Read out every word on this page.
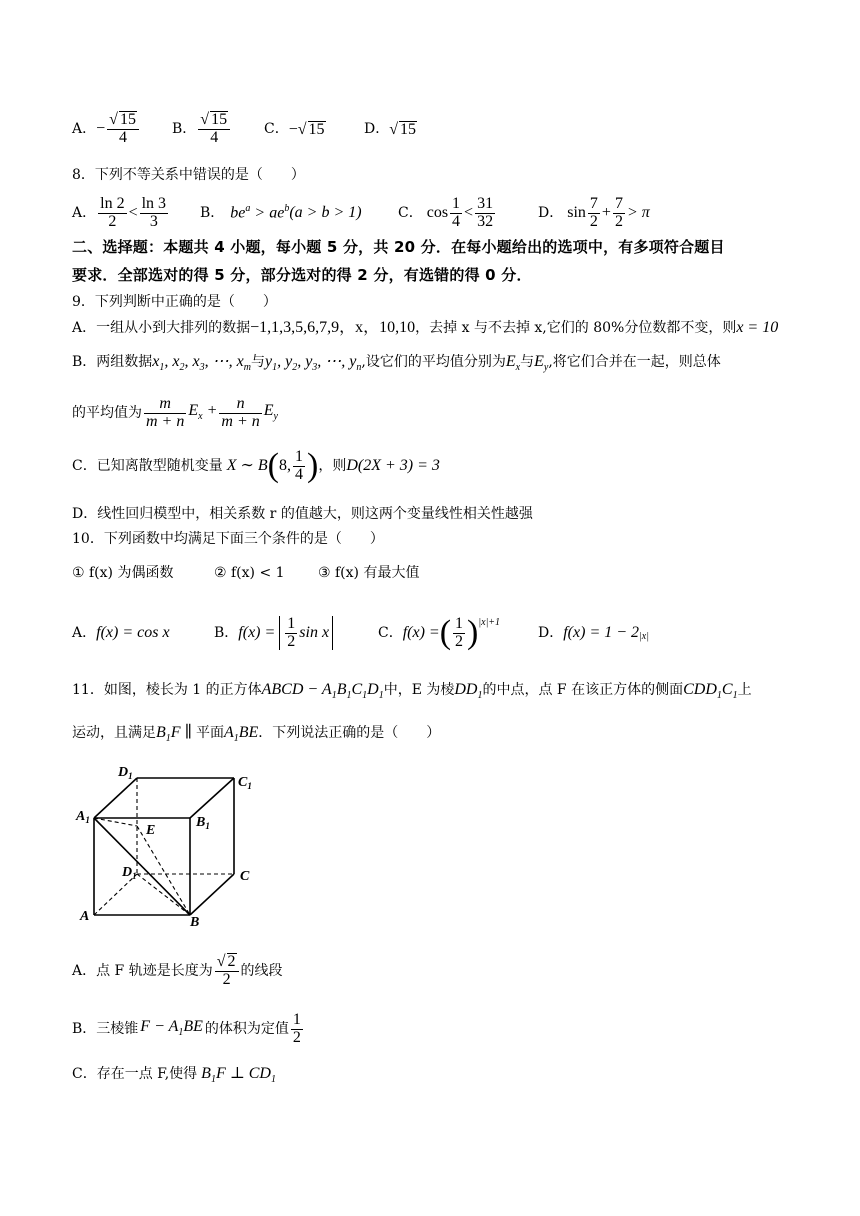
A． − $\frac{√ 15}{4}$ B． $\frac{√ 15}{4}$ C． −√ 15	D． √ 15
8．下列不等关系中错误的是（　　）
A． $\frac{\ln 2}{2} < \frac{\ln 3}{3}$ B． $be^a > ae^b$ (a > b > 1)	C． $\cos \frac{1}{4} < \frac{31}{32}$	D． $\sin \frac{7}{2} + \frac{7}{2} > \pi$
二、选择题：本题共 4 小题，每小题 5 分，共 20 分．在每小题给出的选项中，有多项符合题目
要求．全部选对的得 5 分，部分选对的得 2 分，有选错的得 0 分．
9．下列判断中正确的是（　　）
A．一组从小到大排列的数据 −1,1,3,5,6,7,9，x，10,10 ，去掉 x 与不去掉 x,它们的 80%分位数都不变，则 x = 10
B．两组数据 $x_1$, $x_2$, $x_3$, ⋯, $x_m$ 与 $y_1$, $y_2$, $y_3$, ⋯, $y_n$ ,设它们的平均值分别为 $E_x$ 与 $E_y$ ,将它们合并在一起，则总体
的平均值为 $\frac{m}{m + n} E_x + \frac{n}{m + n} E_y$
C．已知离散型随机变量 X ∼ B ( 8, $\frac{1}{4}$ ) ，则 D(2X + 3) = 3
D．线性回归模型中，相关系数 r 的值越大，则这两个变量线性相关性越强
10．下列函数中均满足下面三个条件的是（　　）
① f(x) 为偶函数	② f(x) < 1	③ f(x) 有最大值
A． f(x) = cos x	B． $f(x) = \frac{1}{2}$ sin x	C． f(x) = ( $\frac{1}{2} )^{|x|+1}$
D． $f(x) = 1 - 2_{|x|}$
11．如图，棱长为 1 的正方体 ABCD − $A_1B_1C_1D_1$ 中，E 为棱 $DD_1$ 的中点，点 F 在该正方体的侧面 $CDD_1C_1$ 上
运动，且满足 $B_1F$ ∥ 平面 $A_1BE$ ．下列说法正确的是（　　）
$D_1$	$C_1$
$A_1$	$B_1$
E
$D_1$	C
A	B
A．点 F 轨迹是长度为 $\frac{√ 2}{2}$ 的线段
B．三棱锥 $F - A_1BE$ 的体积为定值 $\frac{1}{2}$
C．存在一点 F,使得 $B_1F$ ⊥ $CD_1$
